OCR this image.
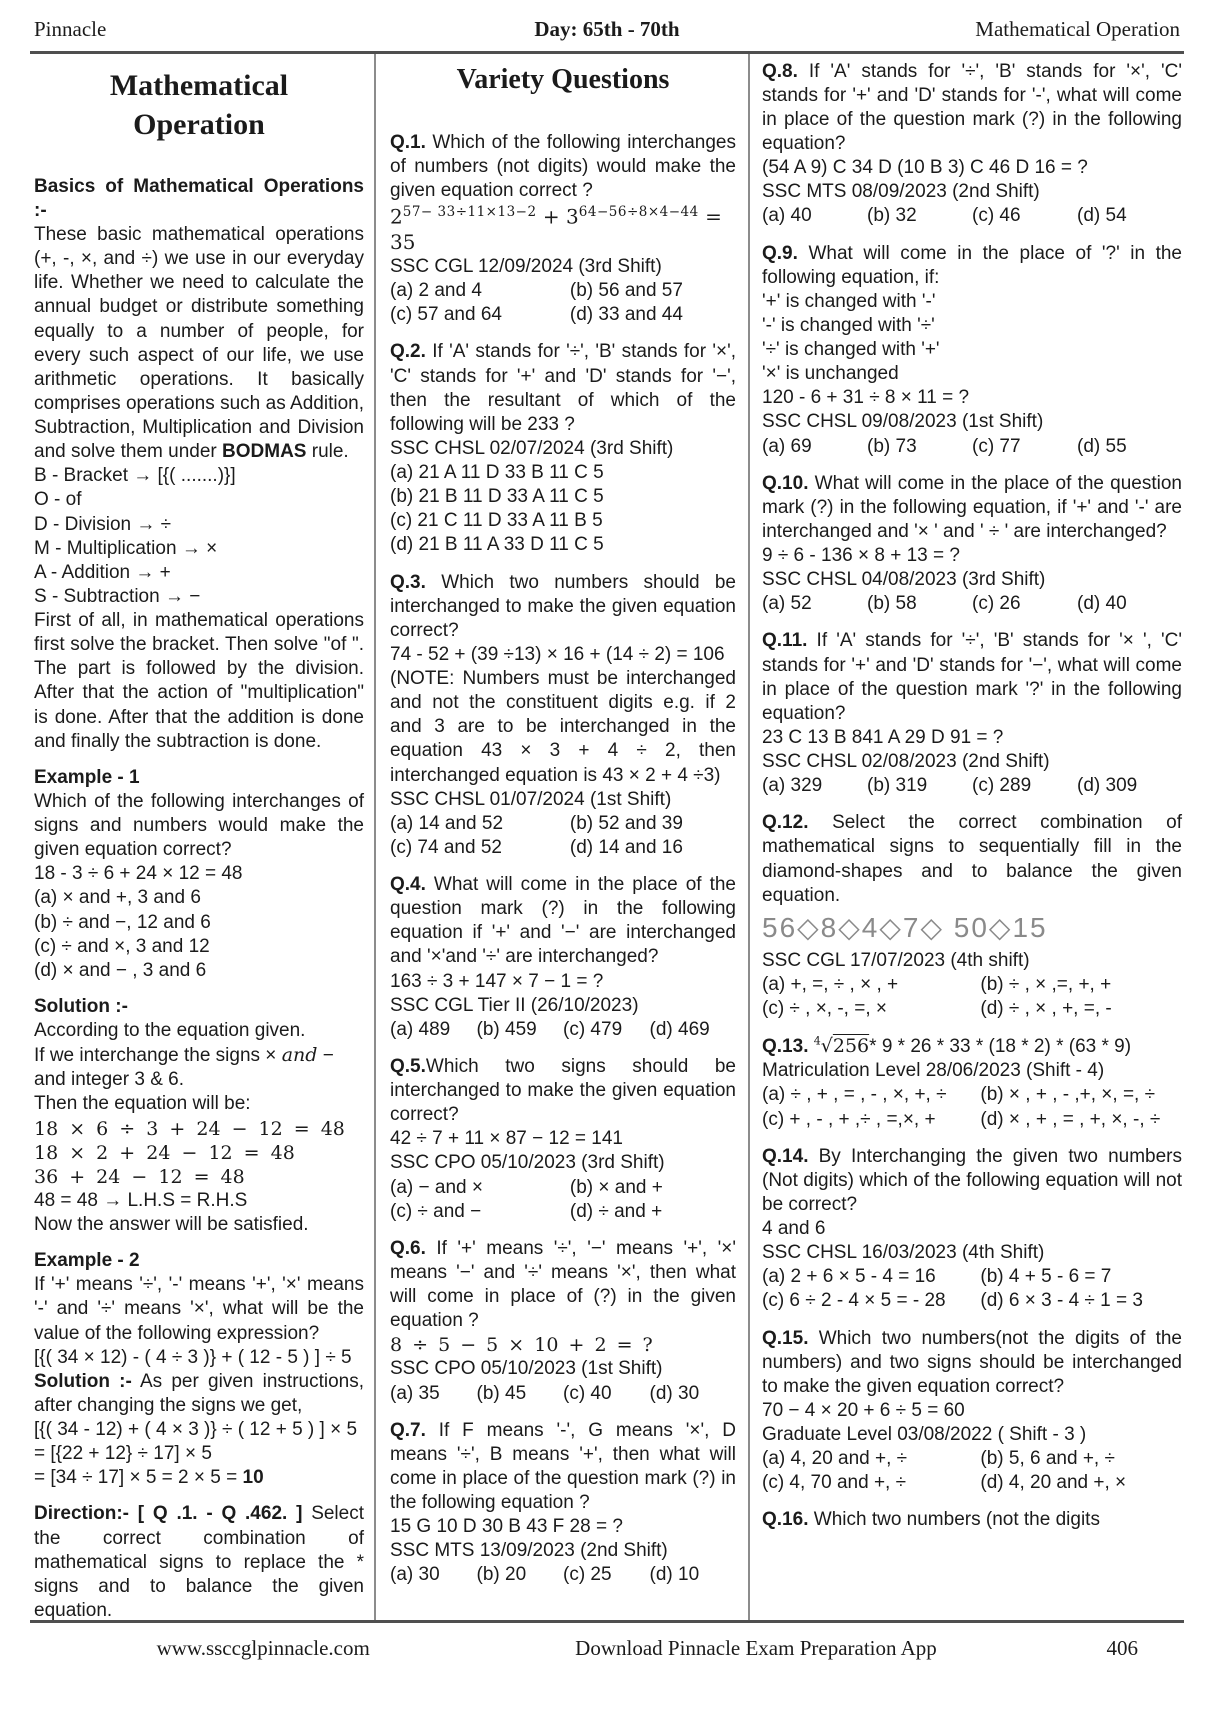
Pinnacle	Day: 65th - 70th	Mathematical Operation
Mathematical
Operation

Basics of Mathematical Operations :-

These basic mathematical operations (+, -, ×, and ÷) we use in our everyday life. Whether we need to calculate the annual budget or distribute something equally to a number of people, for every such aspect of our life, we use arithmetic operations. It basically comprises operations such as Addition, Subtraction, Multiplication and Division and solve them under BODMAS rule.

B - Bracket → [{( .......)}]

O - of

D - Division → ÷

M - Multiplication → ×

A - Addition → +

S - Subtraction → −

First of all, in mathematical operations first solve the bracket. Then solve "of ". The part is followed by the division. After that the action of "multiplication" is done. After that the addition is done and finally the subtraction is done.

Example - 1

Which of the following interchanges of signs and numbers would make the given equation correct?

18 - 3 ÷ 6 + 24 × 12 = 48

(a) × and +, 3 and 6

(b) ÷ and −, 12 and 6

(c) ÷ and ×, 3 and 12

(d) × and − , 3 and 6

Solution :-

According to the equation given.

If we interchange the signs × and −

and integer 3 & 6.

Then the equation will be:

18 × 6 ÷ 3 + 24 − 12 = 48

18 × 2 + 24 − 12 = 48

36 + 24 − 12 = 48

48 = 48 → L.H.S = R.H.S

Now the answer will be satisfied.

Example - 2

If '+' means '÷', '-' means '+', '×' means '-' and '÷' means '×', what will be the value of the following expression?

[{( 34 × 12) - ( 4 ÷ 3 )} + ( 12 - 5 ) ] ÷ 5

Solution :- As per given instructions, after changing the signs we get,

[{( 34 - 12) + ( 4 × 3 )} ÷ ( 12 + 5 ) ] × 5

= [{22 + 12} ÷ 17] × 5

= [34 ÷ 17] × 5 = 2 × 5 = 10

Direction:- [ Q .1. - Q .462. ] Select the correct combination of mathematical signs to replace the * signs and to balance the given equation.

Variety Questions

Q.1. Which of the following interchanges of numbers (not digits) would make the given equation correct ?

$2^{57- 33\div 11\times 13-2} + 3^{64-56\div 8\times 4-44} = 35$

SSC CGL 12/09/2024 (3rd Shift)

(a) 2 and 4	(b) 56 and 57
(c) 57 and 64	(d) 33 and 44

Q.2. If 'A' stands for '÷', 'B' stands for '×', 'C' stands for '+' and 'D' stands for '−', then the resultant of which of the following will be 233 ?

SSC CHSL 02/07/2024 (3rd Shift)

(a) 21 A 11 D 33 B 11 C 5

(b) 21 B 11 D 33 A 11 C 5

(c) 21 C 11 D 33 A 11 B 5

(d) 21 B 11 A 33 D 11 C 5

Q.3. Which two numbers should be interchanged to make the given equation correct?

74 - 52 + (39 ÷13) × 16 + (14 ÷ 2) = 106

(NOTE: Numbers must be interchanged and not the constituent digits e.g. if 2 and 3 are to be interchanged in the equation 43 × 3 + 4 ÷ 2, then interchanged equation is 43 × 2 + 4 ÷3)

SSC CHSL 01/07/2024 (1st Shift)

(a) 14 and 52	(b) 52 and 39
(c) 74 and 52	(d) 14 and 16

Q.4. What will come in the place of the question mark (?) in the following equation if '+' and '−' are interchanged and '×'and '÷' are interchanged?

163 ÷ 3 + 147 × 7 − 1 = ?

SSC CGL Tier II (26/10/2023)

(a) 489	(b) 459	(c) 479	(d) 469

Q.5.Which two signs should be interchanged to make the given equation correct?

42 ÷ 7 + 11 × 87 − 12 = 141

SSC CPO 05/10/2023 (3rd Shift)

(a) − and ×	(b) × and +
(c) ÷ and −	(d) ÷ and +

Q.6. If '+' means '÷', '−' means '+', '×' means '−' and '÷' means '×', then what will come in place of (?) in the given equation ?

8 ÷ 5 − 5 × 10 + 2 = ?

SSC CPO 05/10/2023 (1st Shift)

(a) 35	(b) 45	(c) 40	(d) 30

Q.7. If F means '-', G means '×', D means '÷', B means '+', then what will come in place of the question mark (?) in the following equation ?

15 G 10 D 30 B 43 F 28 = ?

SSC MTS 13/09/2023 (2nd Shift)

(a) 30	(b) 20	(c) 25	(d) 10

Q.8. If 'A' stands for '÷', 'B' stands for '×', 'C' stands for '+' and 'D' stands for '-', what will come in place of the question mark (?) in the following equation?

(54 A 9) C 34 D (10 B 3) C 46 D 16 = ?

SSC MTS 08/09/2023 (2nd Shift)

(a) 40	(b) 32	(c) 46	(d) 54

Q.9. What will come in the place of '?' in the following equation, if:

'+' is changed with '-'

'-' is changed with '÷'

'÷' is changed with '+'

'×' is unchanged

120 - 6 + 31 ÷ 8 × 11 = ?

SSC CHSL 09/08/2023 (1st Shift)

(a) 69	(b) 73	(c) 77	(d) 55

Q.10. What will come in the place of the question mark (?) in the following equation, if '+' and '-' are interchanged and '× ' and ' ÷ ' are interchanged?

9 ÷ 6 - 136 × 8 + 13 = ?

SSC CHSL 04/08/2023 (3rd Shift)

(a) 52	(b) 58	(c) 26	(d) 40

Q.11. If 'A' stands for '÷', 'B' stands for '× ', 'C' stands for '+' and 'D' stands for '−', what will come in place of the question mark '?' in the following equation?

23 C 13 B 841 A 29 D 91 = ?

SSC CHSL 02/08/2023 (2nd Shift)

(a) 329	(b) 319	(c) 289	(d) 309

Q.12. Select the correct combination of mathematical signs to sequentially fill in the diamond-shapes and to balance the given equation.

56◇8◇4◇7◇ 50◇15

SSC CGL 17/07/2023 (4th shift)

(a) +, =, ÷ , × , +	(b) ÷ , × ,=, +, +
(c) ÷ , ×, -, =, ×	(d) ÷ , × , +, =, -

Q.13. $^4$√256* 9 * 26 * 33 * (18 * 2) * (63 * 9)

Matriculation Level 28/06/2023 (Shift - 4)

(a) ÷ , + , = , - , ×, +, ÷	(b) × , + , - ,+, ×, =, ÷
(c) + , - , + ,÷ , =,×, +	(d) × , + , = , +, ×, -, ÷

Q.14. By Interchanging the given two numbers (Not digits) which of the following equation will not be correct?

4 and 6

SSC CHSL 16/03/2023 (4th Shift)

(a) 2 + 6 × 5 - 4 = 16	(b) 4 + 5 - 6 = 7
(c) 6 ÷ 2 - 4 × 5 = - 28	(d) 6 × 3 - 4 ÷ 1 = 3

Q.15. Which two numbers(not the digits of the numbers) and two signs should be interchanged to make the given equation correct?

70 − 4 × 20 + 6 ÷ 5 = 60

Graduate Level 03/08/2022 ( Shift - 3 )

(a) 4, 20 and +, ÷	(b) 5, 6 and +, ÷
(c) 4, 70 and +, ÷	(d) 4, 20 and +, ×

Q.16. Which two numbers (not the digits

www.ssccglpinnacle.com	Download Pinnacle Exam Preparation App	406
